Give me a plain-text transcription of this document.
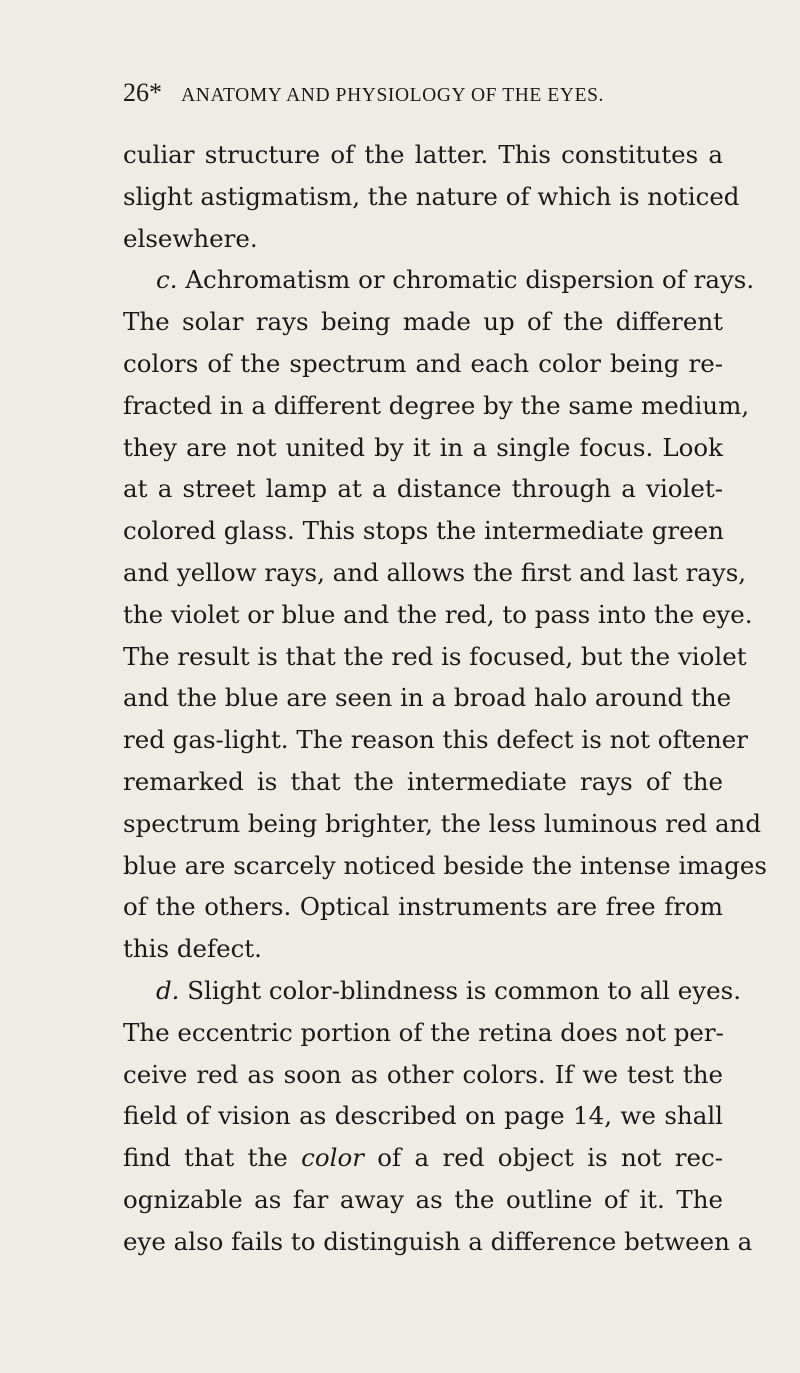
26* ANATOMY AND PHYSIOLOGY OF THE EYES.
culiar structure of the latter. This constitutes a
slight astigmatism, the nature of which is noticed
elsewhere.
c. Achromatism or chromatic dispersion of rays.
The solar rays being made up of the different
colors of the spectrum and each color being re-
fracted in a different degree by the same medium,
they are not united by it in a single focus. Look
at a street lamp at a distance through a violet-
colored glass. This stops the intermediate green
and yellow rays, and allows the first and last rays,
the violet or blue and the red, to pass into the eye.
The result is that the red is focused, but the violet
and the blue are seen in a broad halo around the
red gas-light. The reason this defect is not oftener
remarked is that the intermediate rays of the
spectrum being brighter, the less luminous red and
blue are scarcely noticed beside the intense images
of the others. Optical instruments are free from
this defect.
d. Slight color-blindness is common to all eyes.
The eccentric portion of the retina does not per-
ceive red as soon as other colors. If we test the
field of vision as described on page 14, we shall
find that the color of a red object is not rec-
ognizable as far away as the outline of it. The
eye also fails to distinguish a difference between a
